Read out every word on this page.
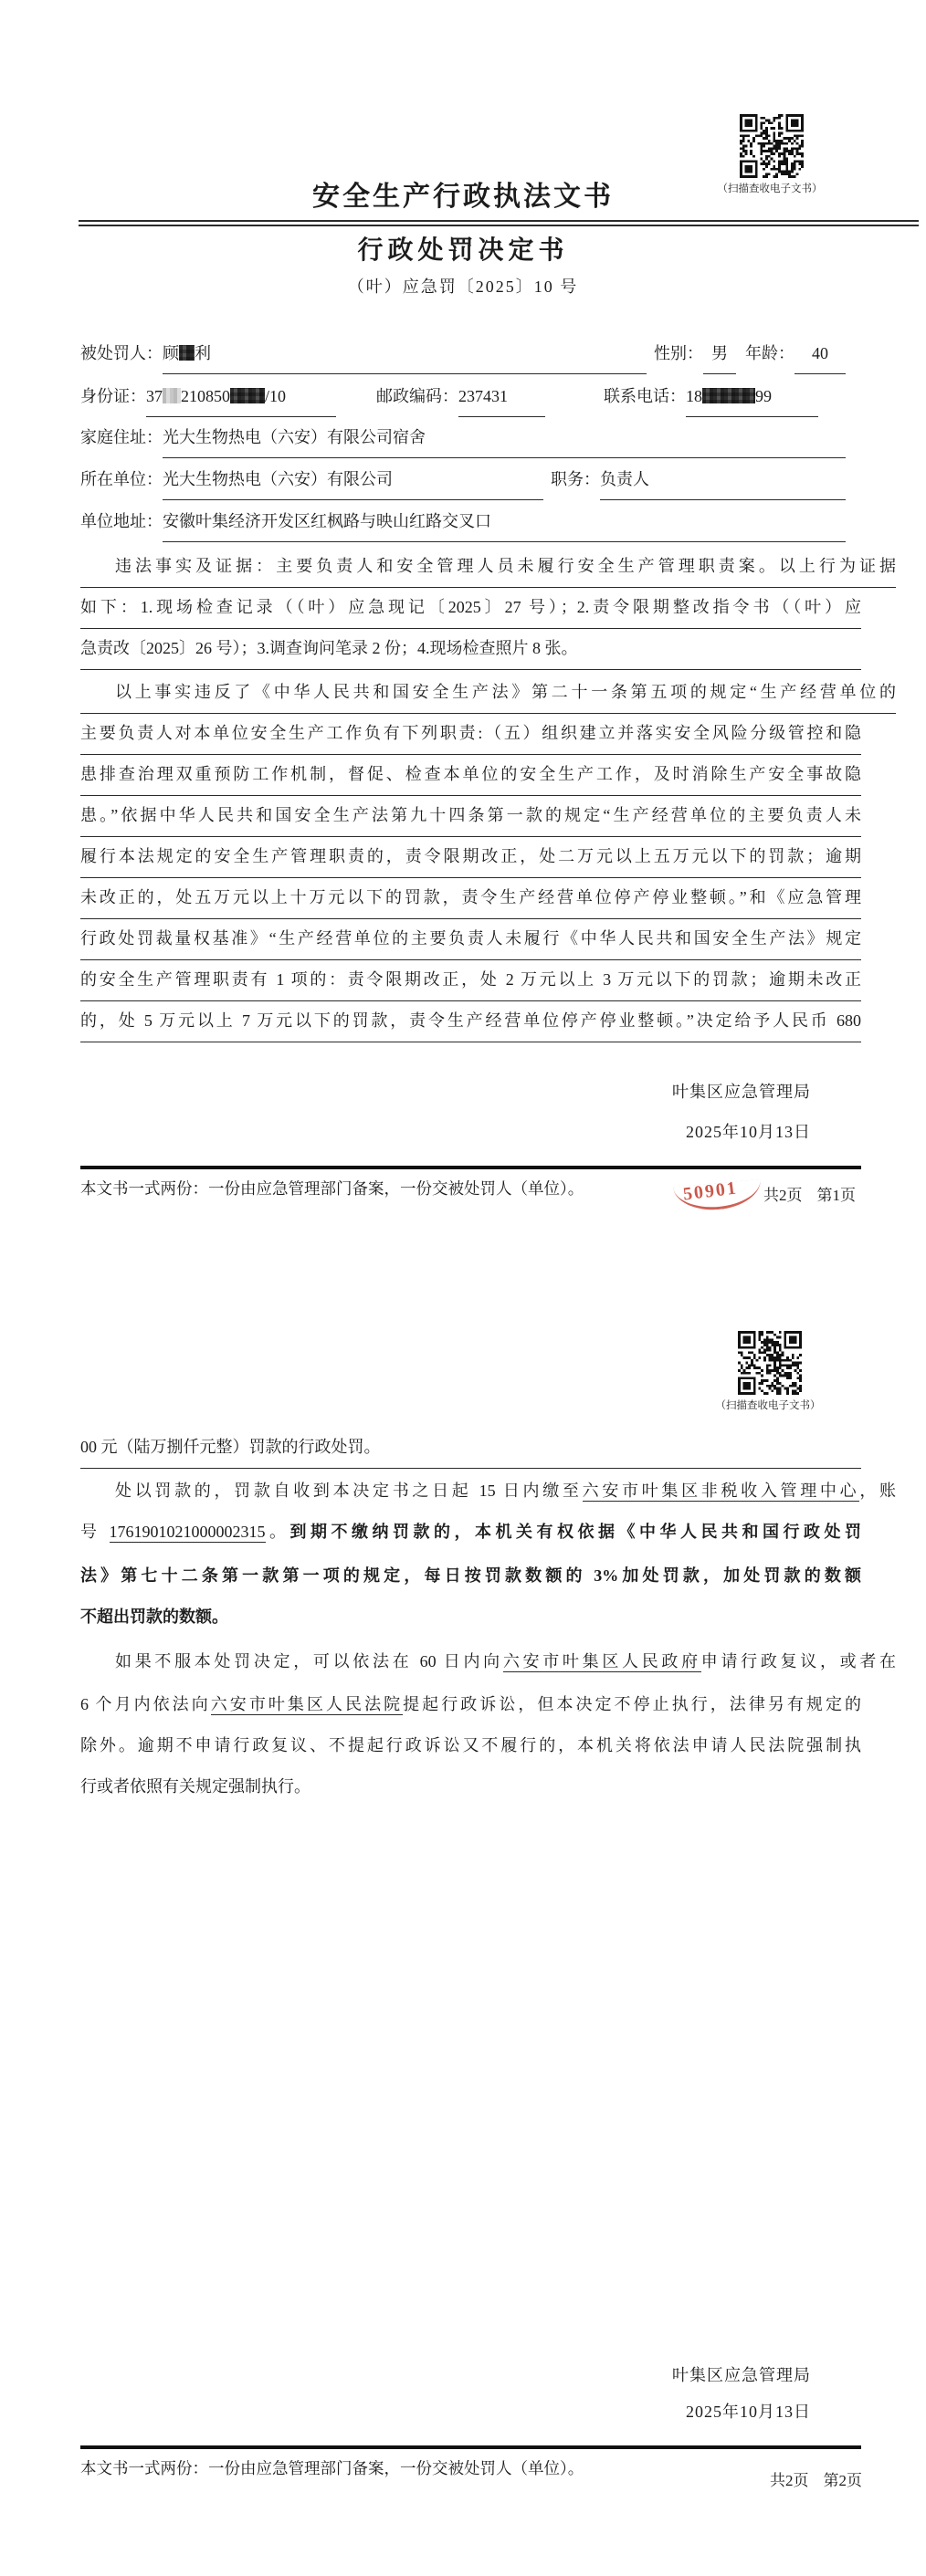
（扫描查收电子文书）
安全生产行政执法文书
行政处罚决定书
（叶）应急罚〔2025〕10 号
被处罚人： 顾 利	性别： 男	年龄：	40
身份证： 37 210850 /10	邮政编码： 237431	联系电话： 18	99
家庭住址： 光大生物热电（六安）有限公司宿舍
所在单位： 光大生物热电（六安）有限公司	职务： 负责人
单位地址： 安徽叶集经济开发区红枫路与映山红路交叉口
违法事实及证据：主要负责人和安全管理人员未履行安全生产管理职责案。以上行为证据
如下：1.现场检查记录（（叶）应急现记〔2025〕27 号）；2.责令限期整改指令书（（叶）应
急责改〔2025〕26 号）；3.调查询问笔录 2 份；4.现场检查照片 8 张。
以上事实违反了《中华人民共和国安全生产法》第二十一条第五项的规定“生产经营单位的
主要负责人对本单位安全生产工作负有下列职责:（五）组织建立并落实安全风险分级管控和隐
患排查治理双重预防工作机制，督促、检查本单位的安全生产工作，及时消除生产安全事故隐
患。”依据中华人民共和国安全生产法第九十四条第一款的规定“生产经营单位的主要负责人未
履行本法规定的安全生产管理职责的，责令限期改正，处二万元以上五万元以下的罚款；逾期
未改正的，处五万元以上十万元以下的罚款，责令生产经营单位停产停业整顿。”和《应急管理
行政处罚裁量权基准》“生产经营单位的主要负责人未履行《中华人民共和国安全生产法》规定
的安全生产管理职责有 1 项的：责令限期改正，处 2 万元以上 3 万元以下的罚款；逾期未改正
的，处 5 万元以上 7 万元以下的罚款，责令生产经营单位停产停业整顿。”决定给予人民币 680
叶集区应急管理局
2025年10月13日
本文书一式两份：一份由应急管理部门备案，一份交被处罚人（单位）。	50901 共2页 第1页
（扫描查收电子文书）
00 元（陆万捌仟元整）罚款的行政处罚。
处以罚款的，罚款自收到本决定书之日起 15 日内缴至六安市叶集区非税收入管理中心，账
号 1761901021000002315。到期不缴纳罚款的，本机关有权依据《中华人民共和国行政处罚
法》第七十二条第一款第一项的规定，每日按罚款数额的 3%加处罚款，加处罚款的数额
不超出罚款的数额。
如果不服本处罚决定，可以依法在 60 日内向六安市叶集区人民政府申请行政复议，或者在
6 个月内依法向六安市叶集区人民法院提起行政诉讼，但本决定不停止执行，法律另有规定的
除外。逾期不申请行政复议、不提起行政诉讼又不履行的，本机关将依法申请人民法院强制执
行或者依照有关规定强制执行。
叶集区应急管理局
2025年10月13日
本文书一式两份：一份由应急管理部门备案，一份交被处罚人（单位）。
共2页 第2页
